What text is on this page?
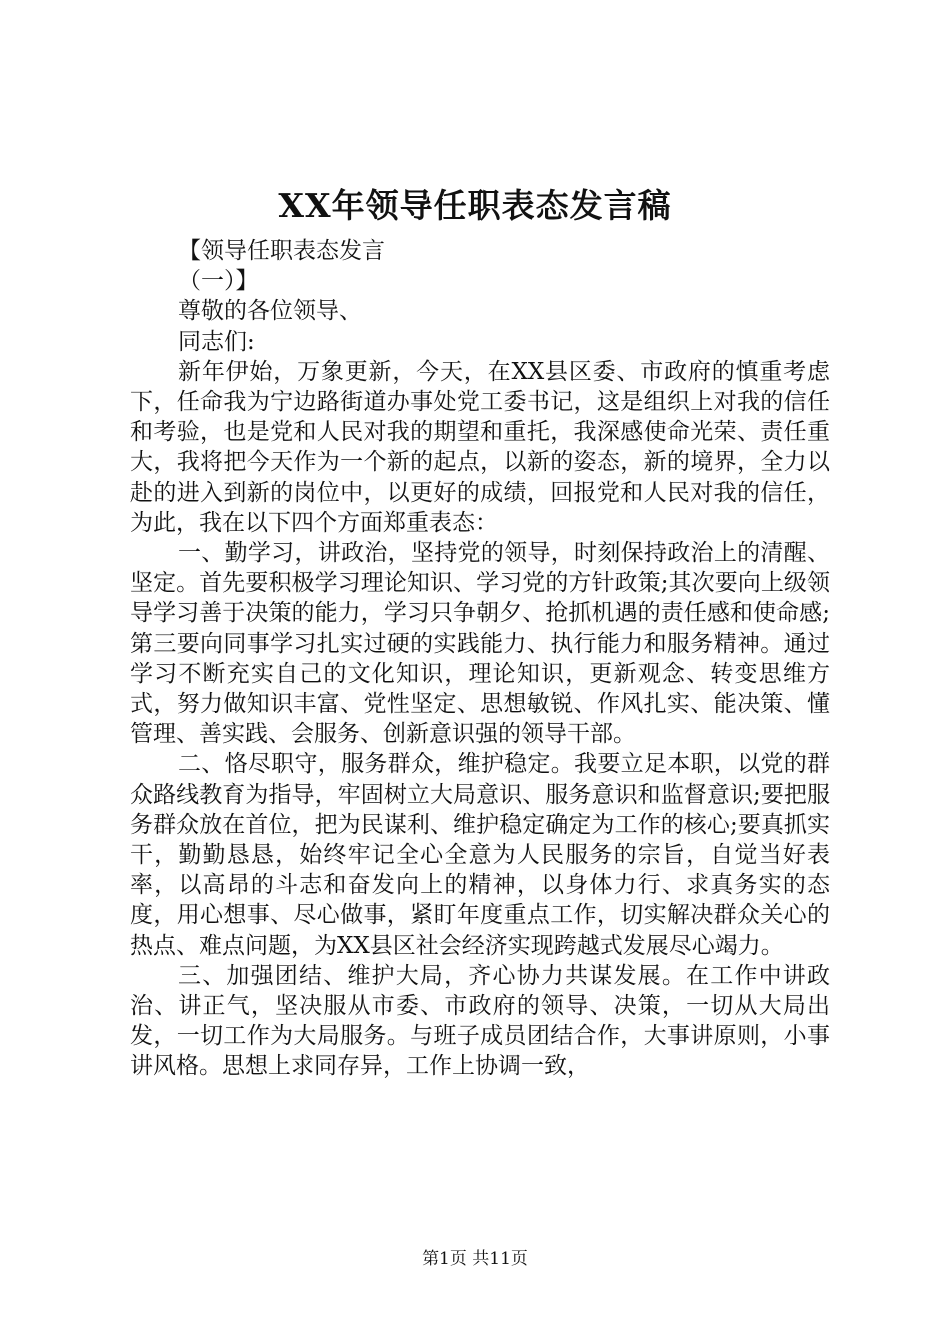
XX年领导任职表态发言稿

【领导任职表态发言

（一）】

尊敬的各位领导、

同志们:

新年伊始，万象更新，今天，在XX县区委、市政府的慎重考虑下，任命我为宁边路街道办事处党工委书记，这是组织上对我的信任和考验，也是党和人民对我的期望和重托，我深感使命光荣、责任重大，我将把今天作为一个新的起点，以新的姿态，新的境界，全力以赴的进入到新的岗位中，以更好的成绩，回报党和人民对我的信任，为此，我在以下四个方面郑重表态：

一、勤学习，讲政治，坚持党的领导，时刻保持政治上的清醒、坚定。首先要积极学习理论知识、学习党的方针政策;其次要向上级领导学习善于决策的能力，学习只争朝夕、抢抓机遇的责任感和使命感;第三要向同事学习扎实过硬的实践能力、执行能力和服务精神。通过学习不断充实自己的文化知识，理论知识，更新观念、转变思维方式，努力做知识丰富、党性坚定、思想敏锐、作风扎实、能决策、懂管理、善实践、会服务、创新意识强的领导干部。

二、恪尽职守，服务群众，维护稳定。我要立足本职，以党的群众路线教育为指导，牢固树立大局意识、服务意识和监督意识;要把服务群众放在首位，把为民谋利、维护稳定确定为工作的核心;要真抓实干，勤勤恳恳，始终牢记全心全意为人民服务的宗旨，自觉当好表率，以高昂的斗志和奋发向上的精神，以身体力行、求真务实的态度，用心想事、尽心做事，紧盯年度重点工作，切实解决群众关心的热点、难点问题，为XX县区社会经济实现跨越式发展尽心竭力。

三、加强团结、维护大局，齐心协力共谋发展。在工作中讲政治、讲正气，坚决服从市委、市政府的领导、决策，一切从大局出发，一切工作为大局服务。与班子成员团结合作，大事讲原则，小事讲风格。思想上求同存异，工作上协调一致，

第1页 共11页
